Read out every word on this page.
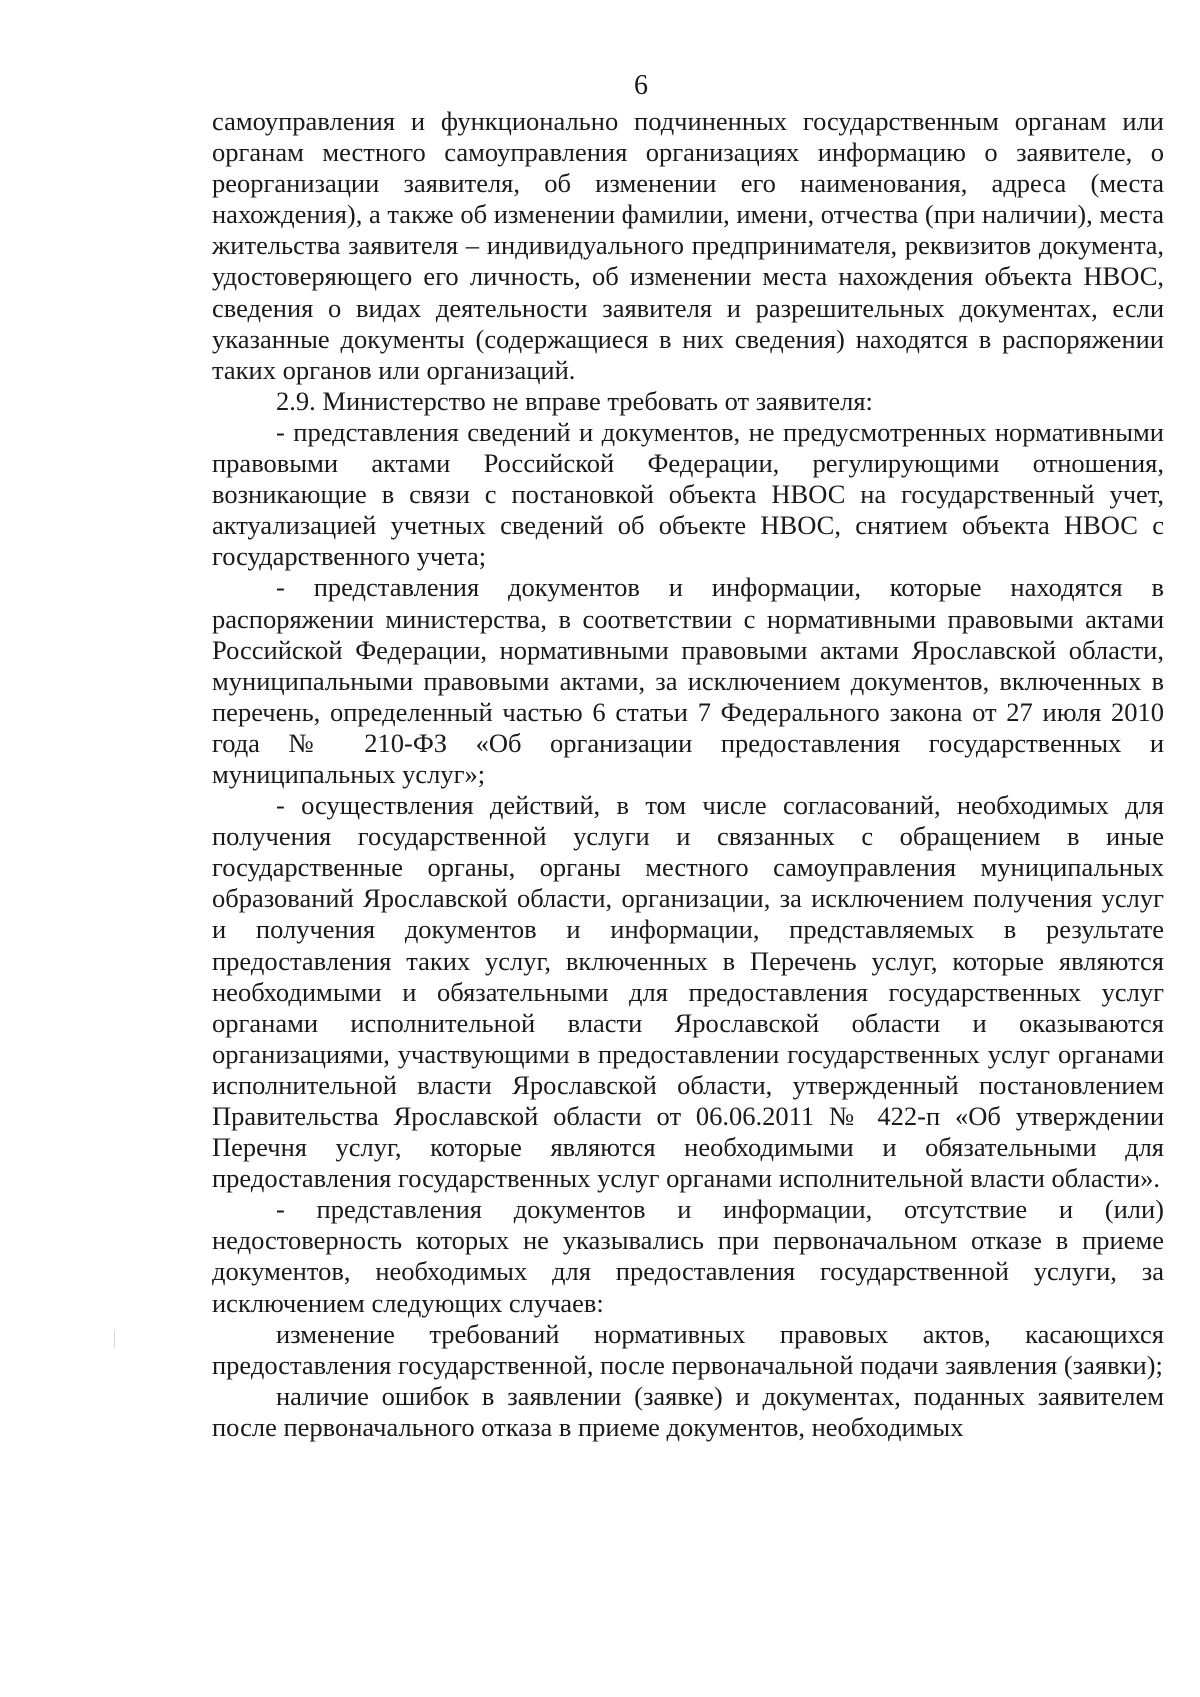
6

самоуправления и функционально подчиненных государственным органам или органам местного самоуправления организациях информацию о заявителе, о реорганизации заявителя, об изменении его наименования, адреса (места нахождения), а также об изменении фамилии, имени, отчества (при наличии), места жительства заявителя – индивидуального предпринимателя, реквизитов документа, удостоверяющего его личность, об изменении места нахождения объекта НВОС, сведения о видах деятельности заявителя и разрешительных документах, если указанные документы (содержащиеся в них сведения) находятся в распоряжении таких органов или организаций.

2.9. Министерство не вправе требовать от заявителя:

- представления сведений и документов, не предусмотренных нормативными правовыми актами Российской Федерации, регулирующими отношения, возникающие в связи с постановкой объекта НВОС на государственный учет, актуализацией учетных сведений об объекте НВОС, снятием объекта НВОС с государственного учета;

- представления документов и информации, которые находятся в распоряжении министерства, в соответствии с нормативными правовыми актами Российской Федерации, нормативными правовыми актами Ярославской области, муниципальными правовыми актами, за исключением документов, включенных в перечень, определенный частью 6 статьи 7 Федерального закона от 27 июля 2010 года № 210-ФЗ «Об организации предоставления государственных и муниципальных услуг»;

- осуществления действий, в том числе согласований, необходимых для получения государственной услуги и связанных с обращением в иные государственные органы, органы местного самоуправления муниципальных образований Ярославской области, организации, за исключением получения услуг и получения документов и информации, представляемых в результате предоставления таких услуг, включенных в Перечень услуг, которые являются необходимыми и обязательными для предоставления государственных услуг органами исполнительной власти Ярославской области и оказываются организациями, участвующими в предоставлении государственных услуг органами исполнительной власти Ярославской области, утвержденный постановлением Правительства Ярославской области от 06.06.2011 № 422-п «Об утверждении Перечня услуг, которые являются необходимыми и обязательными для предоставления государственных услуг органами исполнительной власти области».

- представления документов и информации, отсутствие и (или) недостоверность которых не указывались при первоначальном отказе в приеме документов, необходимых для предоставления государственной услуги, за исключением следующих случаев:

изменение требований нормативных правовых актов, касающихся предоставления государственной, после первоначальной подачи заявления (заявки);

наличие ошибок в заявлении (заявке) и документах, поданных заявителем после первоначального отказа в приеме документов, необходимых
